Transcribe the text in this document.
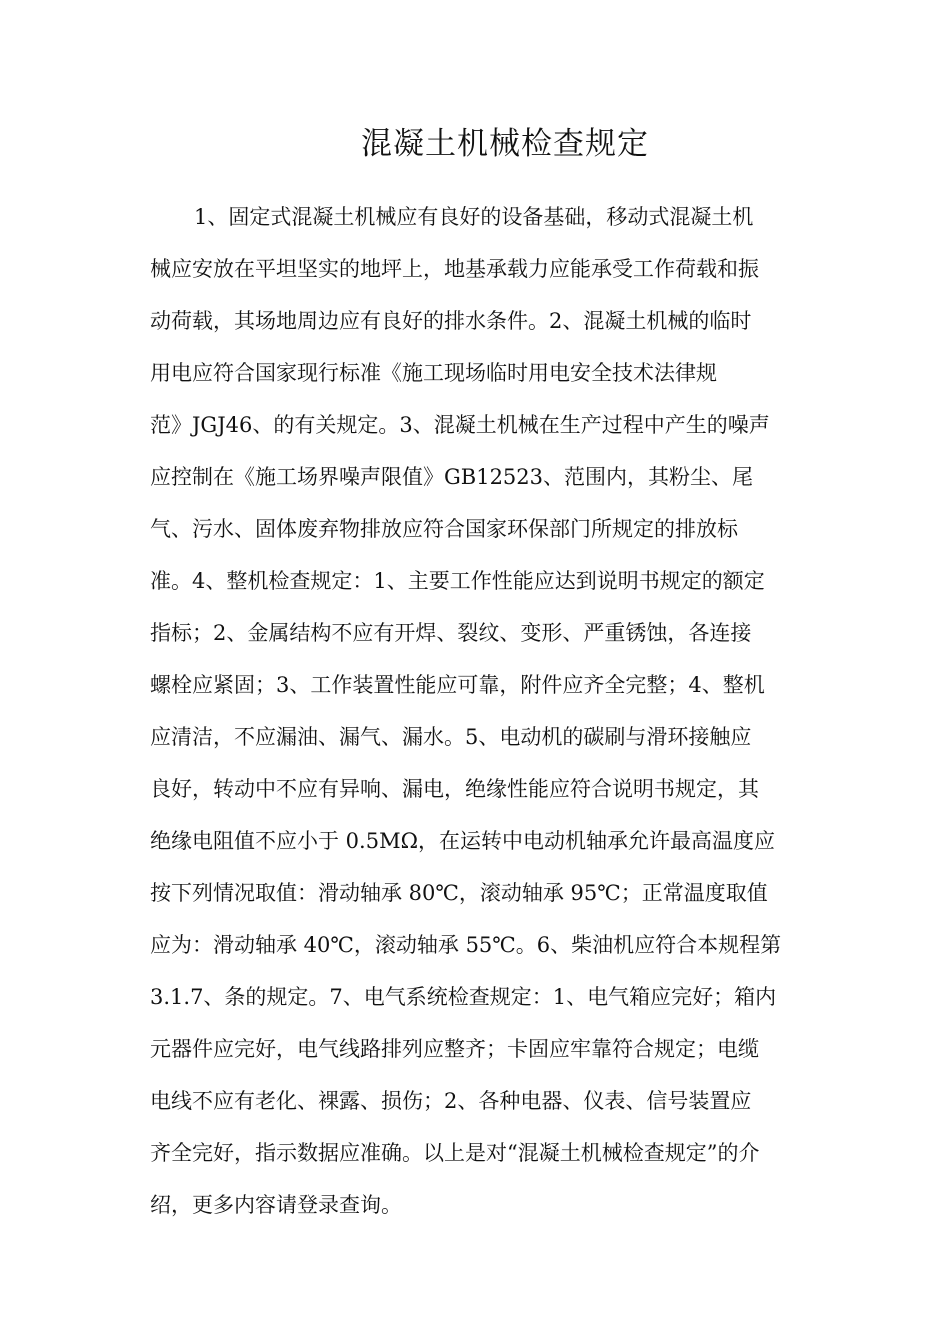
混凝土机械检查规定
1、固定式混凝土机械应有良好的设备基础，移动式混凝土机
械应安放在平坦坚实的地坪上，地基承载力应能承受工作荷载和振
动荷载，其场地周边应有良好的排水条件。2、混凝土机械的临时
用电应符合国家现行标准《施工现场临时用电安全技术法律规
范》JGJ46、的有关规定。3、混凝土机械在生产过程中产生的噪声
应控制在《施工场界噪声限值》GB12523、范围内，其粉尘、尾
气、污水、固体废弃物排放应符合国家环保部门所规定的排放标
准。4、整机检查规定：1、主要工作性能应达到说明书规定的额定
指标；2、金属结构不应有开焊、裂纹、变形、严重锈蚀，各连接
螺栓应紧固；3、工作装置性能应可靠，附件应齐全完整；4、整机
应清洁，不应漏油、漏气、漏水。5、电动机的碳刷与滑环接触应
良好，转动中不应有异响、漏电，绝缘性能应符合说明书规定，其
绝缘电阻值不应小于 0.5MΩ，在运转中电动机轴承允许最高温度应
按下列情况取值：滑动轴承 80℃，滚动轴承 95℃；正常温度取值
应为：滑动轴承 40℃，滚动轴承 55℃。6、柴油机应符合本规程第
3.1.7、条的规定。7、电气系统检查规定：1、电气箱应完好；箱内
元器件应完好，电气线路排列应整齐；卡固应牢靠符合规定；电缆
电线不应有老化、裸露、损伤；2、各种电器、仪表、信号装置应
齐全完好，指示数据应准确。以上是对“混凝土机械检查规定”的介
绍，更多内容请登录查询。
